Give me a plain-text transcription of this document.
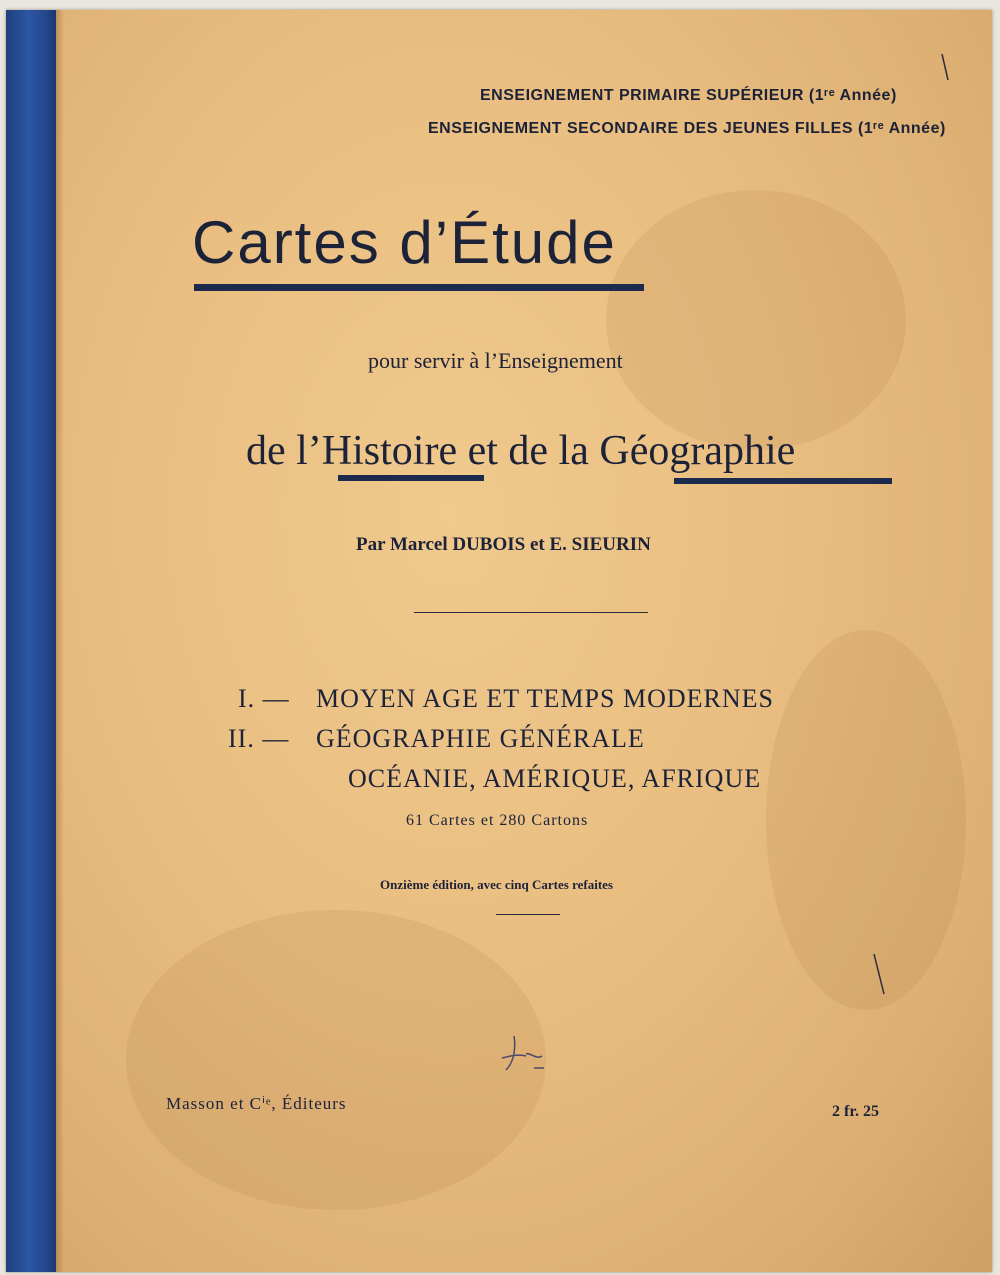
ENSEIGNEMENT PRIMAIRE SUPÉRIEUR (1ʳᵉ Année)
ENSEIGNEMENT SECONDAIRE DES JEUNES FILLES (1ʳᵉ Année)
Cartes d’Étude
pour servir à l’Enseignement
de l’Histoire et de la Géographie
Par Marcel DUBOIS et E. SIEURIN
I. — MOYEN AGE ET TEMPS MODERNES
II. — GÉOGRAPHIE GÉNÉRALE
OCÉANIE, AMÉRIQUE, AFRIQUE
61 Cartes et 280 Cartons
Onzième édition, avec cinq Cartes refaites
Masson et Cⁱᵉ, Éditeurs	2 fr. 25
